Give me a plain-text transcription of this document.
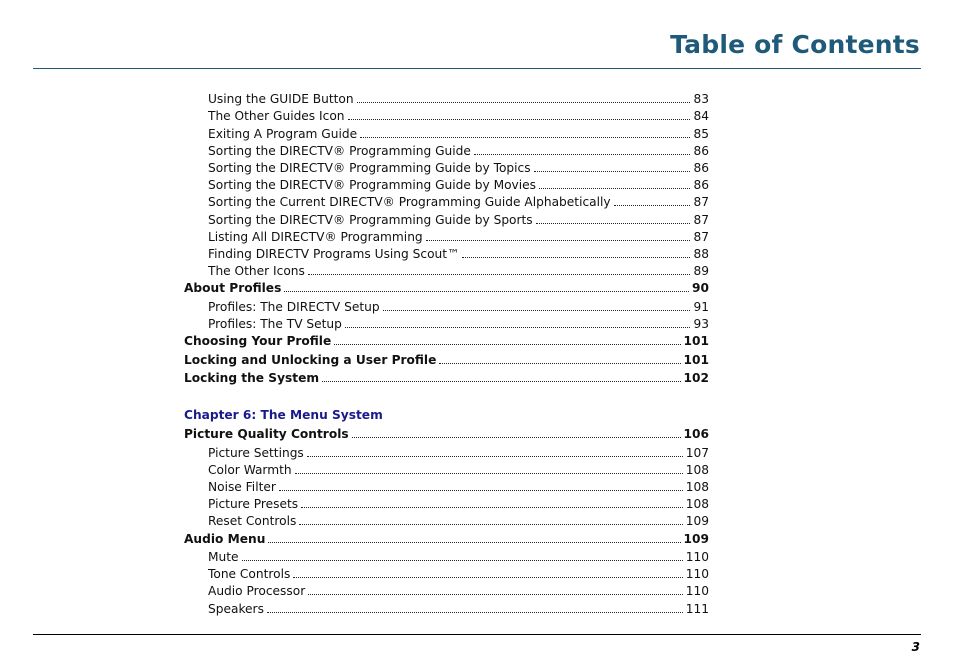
Table of Contents
Using the GUIDE Button	83
The Other Guides Icon	84
Exiting A Program Guide	85
Sorting the DIRECTV® Programming Guide	86
Sorting the DIRECTV® Programming Guide by Topics	86
Sorting the DIRECTV® Programming Guide by Movies	86
Sorting the Current DIRECTV® Programming Guide Alphabetically	87
Sorting the DIRECTV® Programming Guide by Sports	87
Listing All DIRECTV® Programming	87
Finding DIRECTV Programs Using Scout™	88
The Other Icons	89
About Profiles	90
Profiles: The DIRECTV Setup	91
Profiles: The TV Setup	93
Choosing Your Profile	101
Locking and Unlocking a User Profile	101
Locking the System	102
Chapter 6: The Menu System
Picture Quality Controls	106
Picture Settings	107
Color Warmth	108
Noise Filter	108
Picture Presets	108
Reset Controls	109
Audio Menu	109
Mute	110
Tone Controls	110
Audio Processor	110
Speakers	111
3
